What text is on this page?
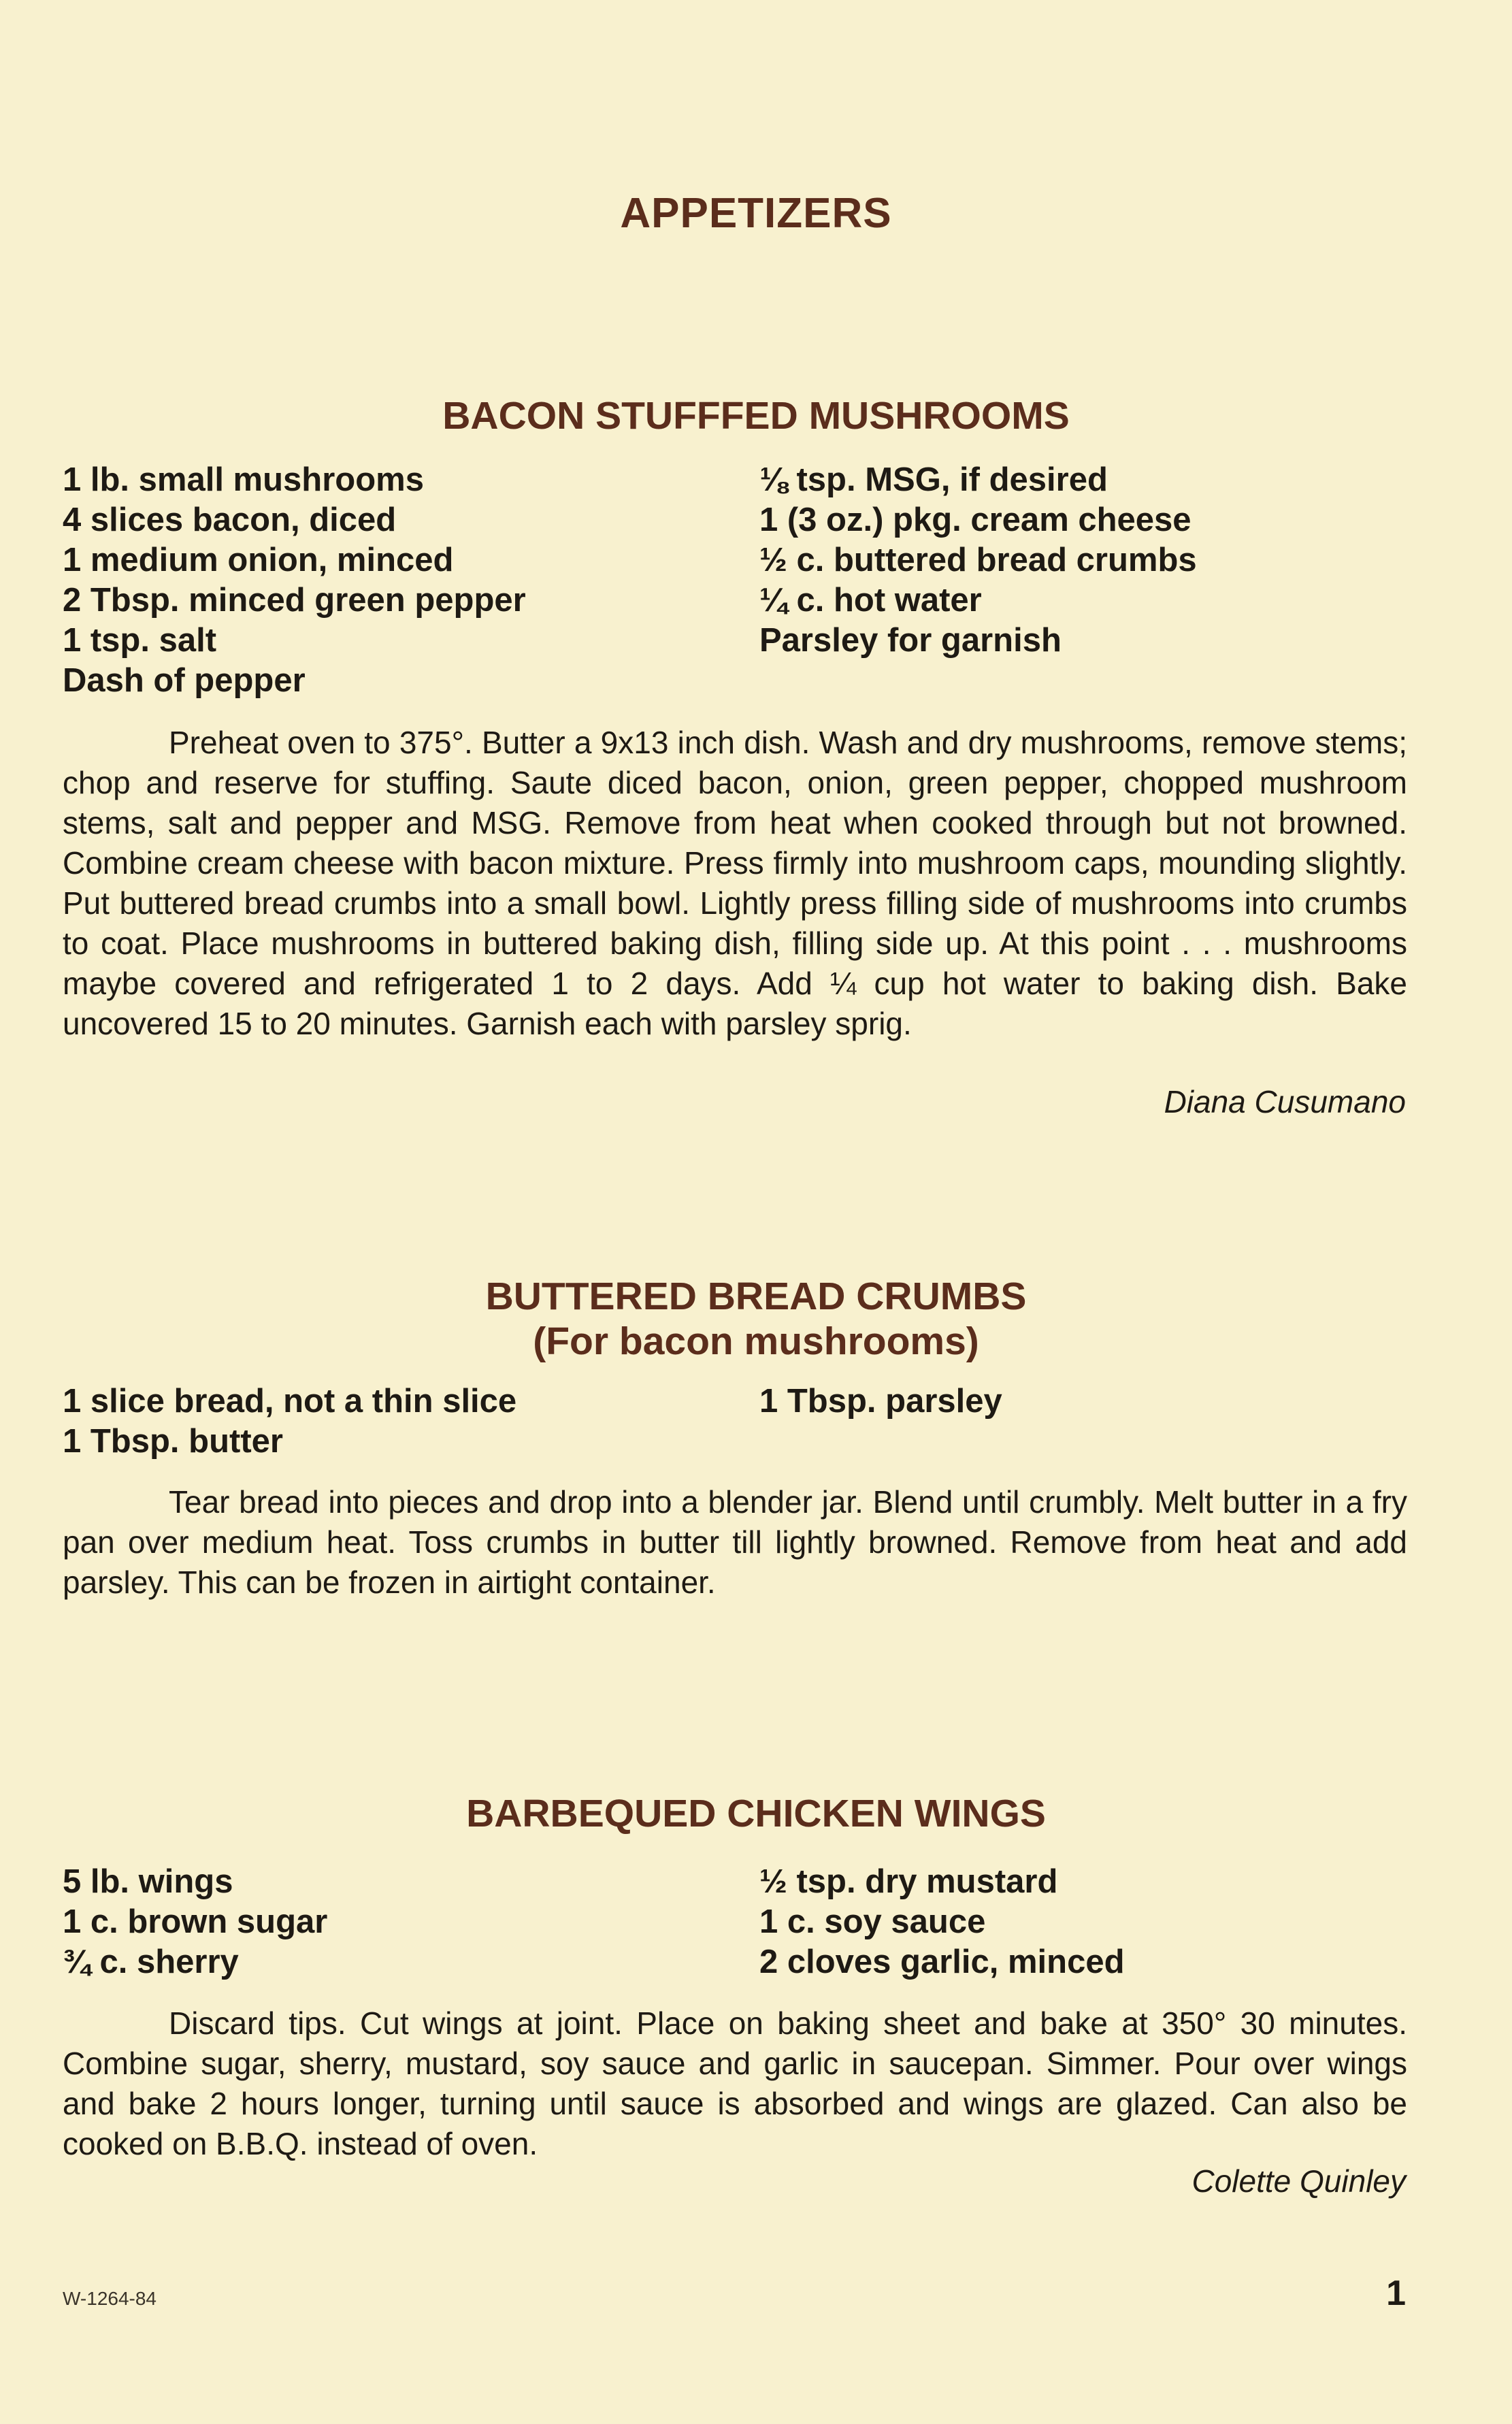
APPETIZERS
BACON STUFFFED MUSHROOMS
1 lb. small mushrooms
4 slices bacon, diced
1 medium onion, minced
2 Tbsp. minced green pepper
1 tsp. salt
Dash of pepper
⅛ tsp. MSG, if desired
1 (3 oz.) pkg. cream cheese
½ c. buttered bread crumbs
¼ c. hot water
Parsley for garnish

Preheat oven to 375°. Butter a 9x13 inch dish. Wash and dry mushrooms, remove stems; chop and reserve for stuffing. Saute diced bacon, onion, green pepper, chopped mushroom stems, salt and pepper and MSG. Remove from heat when cooked through but not browned. Combine cream cheese with bacon mixture. Press firmly into mushroom caps, mounding slightly. Put buttered bread crumbs into a small bowl. Lightly press filling side of mushrooms into crumbs to coat. Place mushrooms in buttered baking dish, filling side up. At this point . . . mushrooms maybe covered and refrigerated 1 to 2 days. Add ¼ cup hot water to baking dish. Bake uncovered 15 to 20 minutes. Garnish each with parsley sprig.

Diana Cusumano
BUTTERED BREAD CRUMBS
(For bacon mushrooms)
1 slice bread, not a thin slice
1 Tbsp. butter
1 Tbsp. parsley

Tear bread into pieces and drop into a blender jar. Blend until crumbly. Melt butter in a fry pan over medium heat. Toss crumbs in butter till lightly browned. Remove from heat and add parsley. This can be frozen in airtight container.

BARBEQUED CHICKEN WINGS
5 lb. wings
1 c. brown sugar
¾ c. sherry
½ tsp. dry mustard
1 c. soy sauce
2 cloves garlic, minced

Discard tips. Cut wings at joint. Place on baking sheet and bake at 350° 30 minutes. Combine sugar, sherry, mustard, soy sauce and garlic in saucepan. Simmer. Pour over wings and bake 2 hours longer, turning until sauce is absorbed and wings are glazed. Can also be cooked on B.B.Q. instead of oven.

Colette Quinley
W-1264-84	1
